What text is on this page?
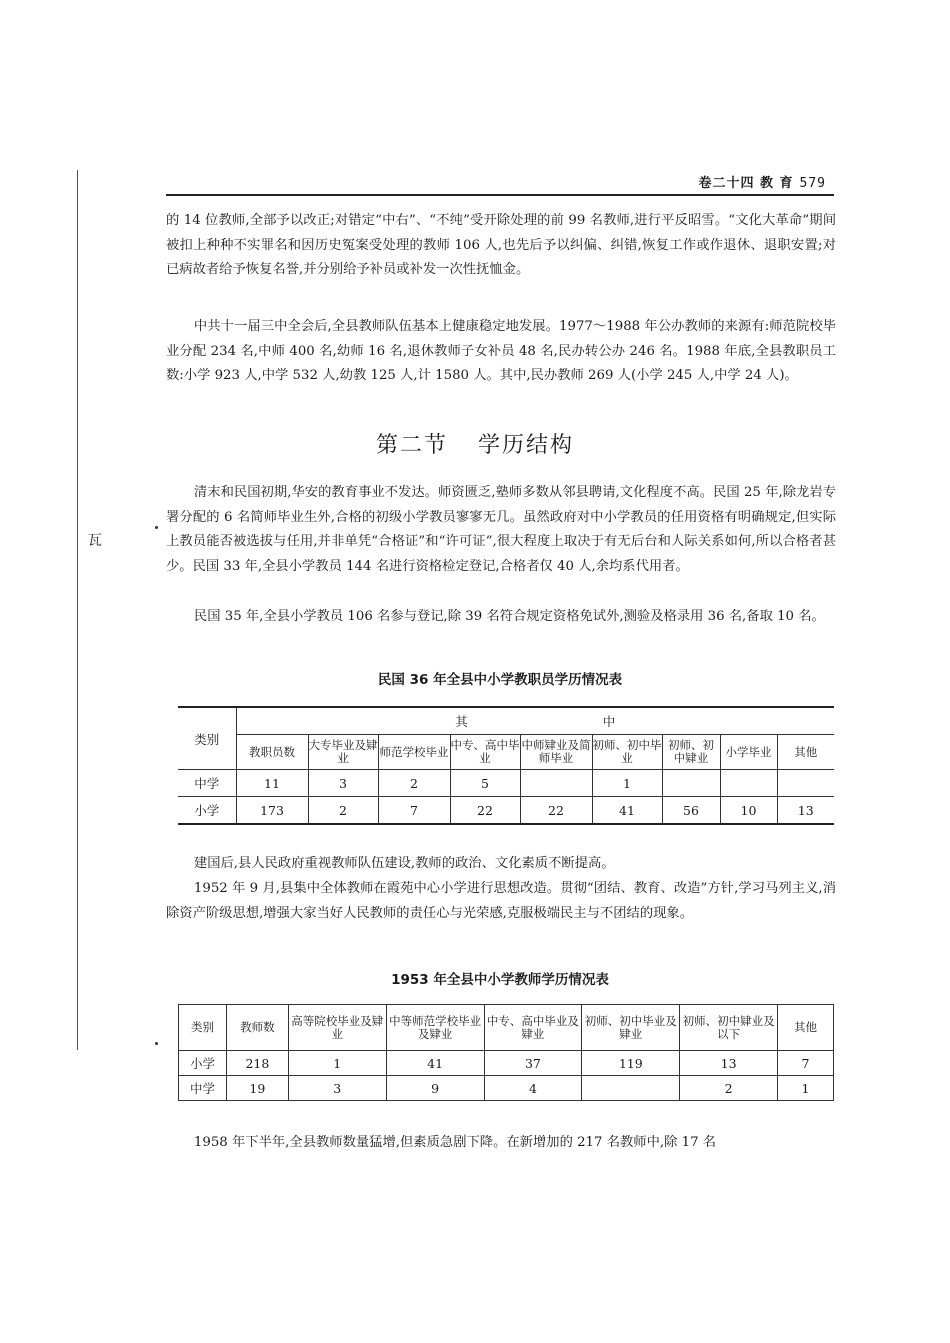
瓦
卷二十四 教 育 579

的 14 位教师,全部予以改正;对错定“中右”、“不纯”受开除处理的前 99 名教师,进行平反昭雪。“文化大革命”期间被扣上种种不实罪名和因历史冤案受处理的教师 106 人,也先后予以纠偏、纠错,恢复工作或作退休、退职安置;对已病故者给予恢复名誉,并分别给予补员或补发一次性抚恤金。

中共十一届三中全会后,全县教师队伍基本上健康稳定地发展。1977～1988 年公办教师的来源有:师范院校毕业分配 234 名,中师 400 名,幼师 16 名,退休教师子女补员 48 名,民办转公办 246 名。1988 年底,全县教职员工数:小学 923 人,中学 532 人,幼教 125 人,计 1580 人。其中,民办教师 269 人(小学 245 人,中学 24 人)。

第二节 学历结构

清末和民国初期,华安的教育事业不发达。师资匮乏,塾师多数从邻县聘请,文化程度不高。民国 25 年,除龙岩专署分配的 6 名简师毕业生外,合格的初级小学教员寥寥无几。虽然政府对中小学教员的任用资格有明确规定,但实际上教员能否被选拔与任用,并非单凭“合格证”和“许可证”,很大程度上取决于有无后台和人际关系如何,所以合格者甚少。民国 33 年,全县小学教员 144 名进行资格检定登记,合格者仅 40 人,余均系代用者。

民国 35 年,全县小学教员 106 名参与登记,除 39 名符合规定资格免试外,测验及格录用 36 名,备取 10 名。

民国 36 年全县中小学教职员学历情况表
类别	其 中								
	教职员数	大专毕业及肄业	师范学校毕业	中专、高中毕业	中师肄业及简师毕业	初师、初中毕业	初师、初中肄业	小学毕业	其他
中学	11	3	2	5		1			
小学	173	2	7	22	22	41	56	10	13

建国后,县人民政府重视教师队伍建设,教师的政治、文化素质不断提高。

1952 年 9 月,县集中全体教师在霞苑中心小学进行思想改造。贯彻“团结、教育、改造”方针,学习马列主义,消除资产阶级思想,增强大家当好人民教师的责任心与光荣感,克服极端民主与不团结的现象。

1953 年全县中小学教师学历情况表
类别	教师数	高等院校毕业及肄业	中等师范学校毕业及肄业	中专、高中毕业及肄业	初师、初中毕业及肄业	初师、初中肄业及以下	其他
小学	218	1	41	37	119	13	7
中学	19	3	9	4		2	1

1958 年下半年,全县教师数量猛增,但素质急剧下降。在新增加的 217 名教师中,除 17 名
